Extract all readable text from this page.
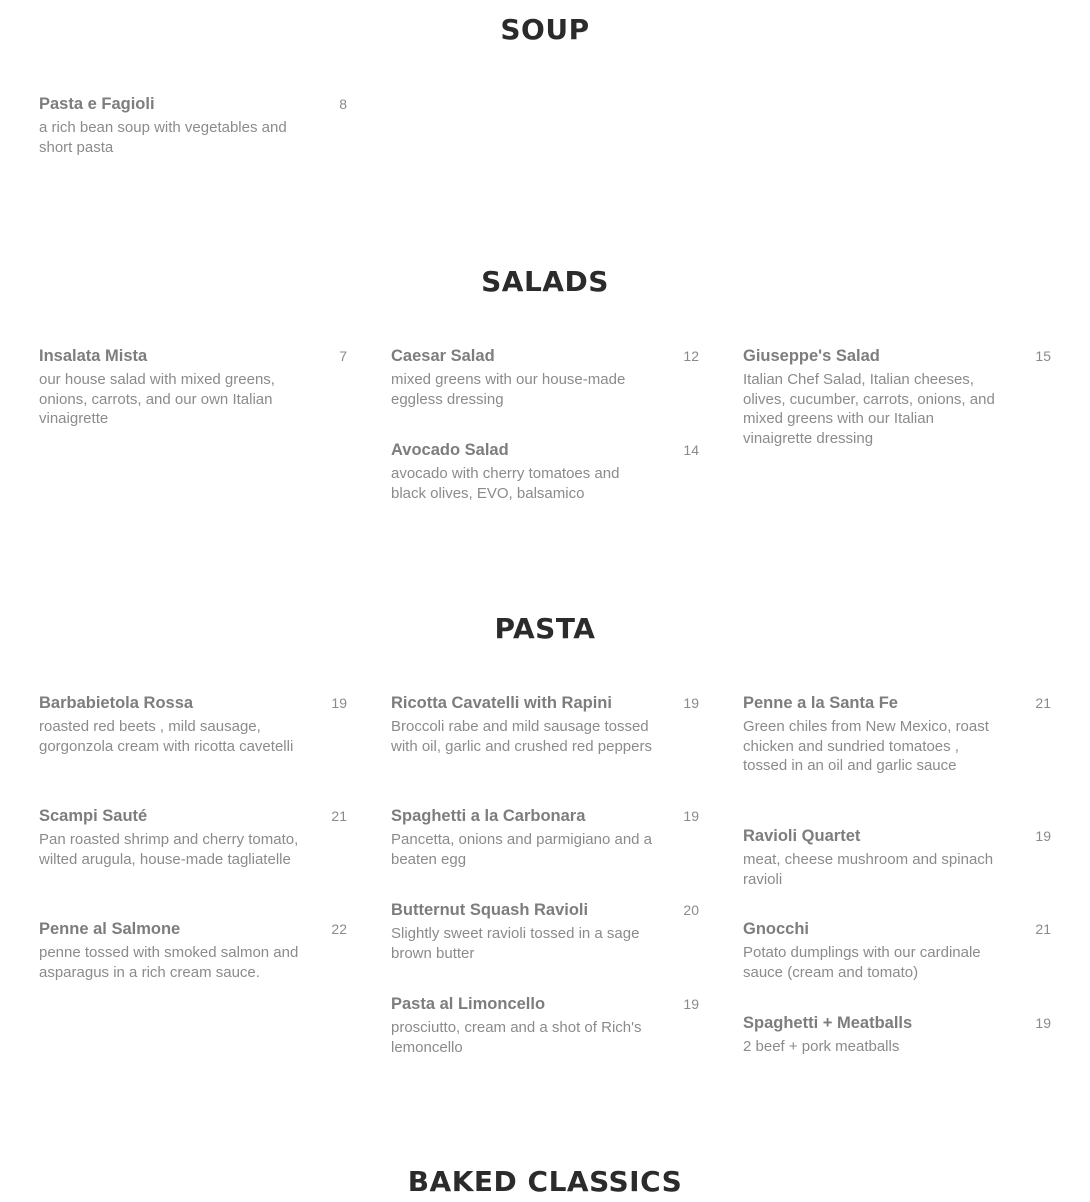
SOUP
Pasta e Fagioli	8
a rich bean soup with vegetables and short pasta
SALADS
Insalata Mista	7
our house salad with mixed greens, onions, carrots, and our own Italian vinaigrette
Caesar Salad	12
mixed greens with our house-made eggless dressing
Avocado Salad	14
avocado with cherry tomatoes and black olives, EVO, balsamico
Giuseppe's Salad	15
Italian Chef Salad, Italian cheeses, olives, cucumber, carrots, onions, and mixed greens with our Italian vinaigrette dressing
PASTA
Barbabietola Rossa	19
roasted red beets , mild sausage, gorgonzola cream with ricotta cavetelli
Scampi Sauté	21
Pan roasted shrimp and cherry tomato, wilted arugula, house-made tagliatelle
Penne al Salmone	22
penne tossed with smoked salmon and asparagus in a rich cream sauce.
Ricotta Cavatelli with Rapini	19
Broccoli rabe and mild sausage tossed with oil, garlic and crushed red peppers
Spaghetti a la Carbonara	19
Pancetta, onions and parmigiano and a beaten egg
Butternut Squash Ravioli	20
Slightly sweet ravioli tossed in a sage brown butter
Pasta al Limoncello	19
prosciutto, cream and a shot of Rich's lemoncello
Penne a la Santa Fe	21
Green chiles from New Mexico, roast chicken and sundried tomatoes , tossed in an oil and garlic sauce
Ravioli Quartet	19
meat, cheese mushroom and spinach ravioli
Gnocchi	21
Potato dumplings with our cardinale sauce (cream and tomato)
Spaghetti + Meatballs	19
2 beef + pork meatballs
BAKED CLASSICS
